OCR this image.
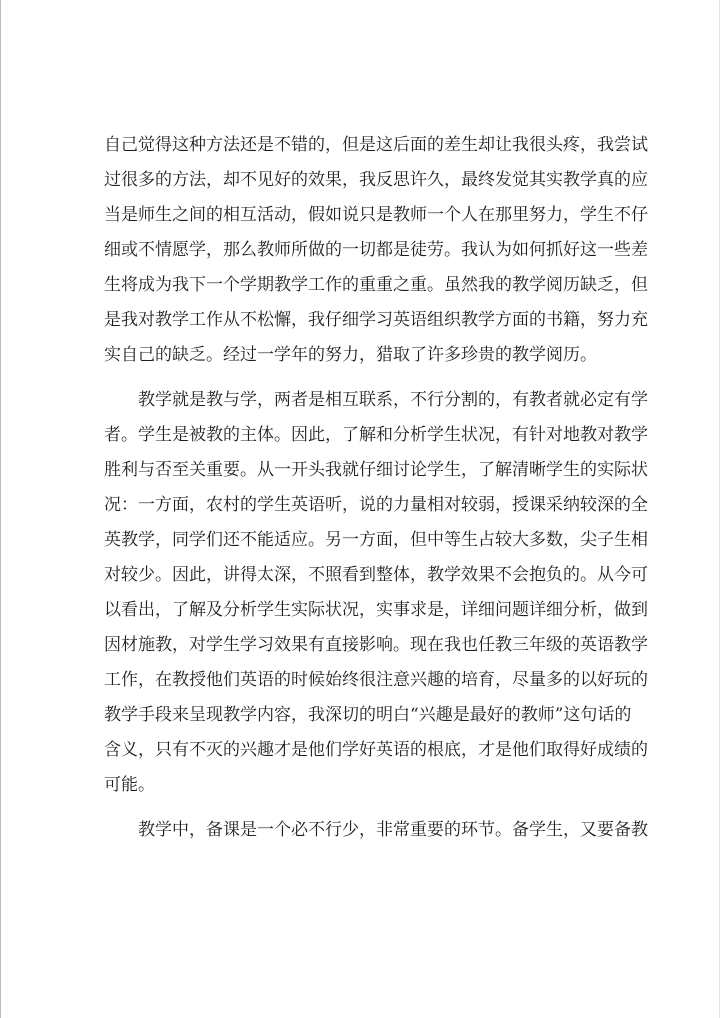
自己觉得这种方法还是不错的，但是这后面的差生却让我很头疼，我尝试
过很多的方法，却不见好的效果，我反思许久，最终发觉其实教学真的应
当是师生之间的相互活动，假如说只是教师一个人在那里努力，学生不仔
细或不情愿学，那么教师所做的一切都是徒劳。我认为如何抓好这一些差
生将成为我下一个学期教学工作的重重之重。虽然我的教学阅历缺乏，但
是我对教学工作从不松懈，我仔细学习英语组织教学方面的书籍，努力充
实自己的缺乏。经过一学年的努力，猎取了许多珍贵的教学阅历。
教学就是教与学，两者是相互联系，不行分割的，有教者就必定有学
者。学生是被教的主体。因此，了解和分析学生状况，有针对地教对教学
胜利与否至关重要。从一开头我就仔细讨论学生，了解清晰学生的实际状
况：一方面，农村的学生英语听，说的力量相对较弱，授课采纳较深的全
英教学，同学们还不能适应。另一方面，但中等生占较大多数，尖子生相
对较少。因此，讲得太深，不照看到整体，教学效果不会抱负的。从今可
以看出，了解及分析学生实际状况，实事求是，详细问题详细分析，做到
因材施教，对学生学习效果有直接影响。现在我也任教三年级的英语教学
工作，在教授他们英语的时候始终很注意兴趣的培育，尽量多的以好玩的
教学手段来呈现教学内容，我深切的明白“兴趣是最好的教师”这句话的
含义，只有不灭的兴趣才是他们学好英语的根底，才是他们取得好成绩的
可能。
教学中，备课是一个必不行少，非常重要的环节。备学生，又要备教
